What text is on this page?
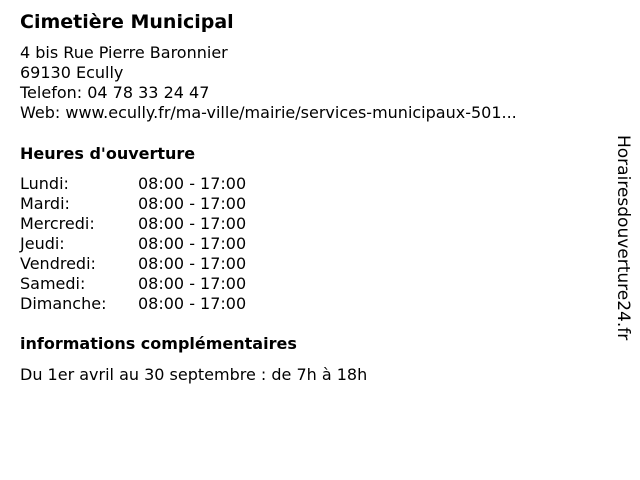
Cimetière Municipal
4 bis Rue Pierre Baronnier
69130 Ecully
Telefon: 04 78 33 24 47
Web: www.ecully.fr/ma-ville/mairie/services-municipaux-501...
Heures d'ouverture
Lundi:	08:00 - 17:00
Mardi:	08:00 - 17:00
Mercredi:	08:00 - 17:00
Jeudi:	08:00 - 17:00
Vendredi:	08:00 - 17:00
Samedi:	08:00 - 17:00
Dimanche:	08:00 - 17:00
informations complémentaires
Du 1er avril au 30 septembre : de 7h à 18h
Horairesdouverture24.fr
